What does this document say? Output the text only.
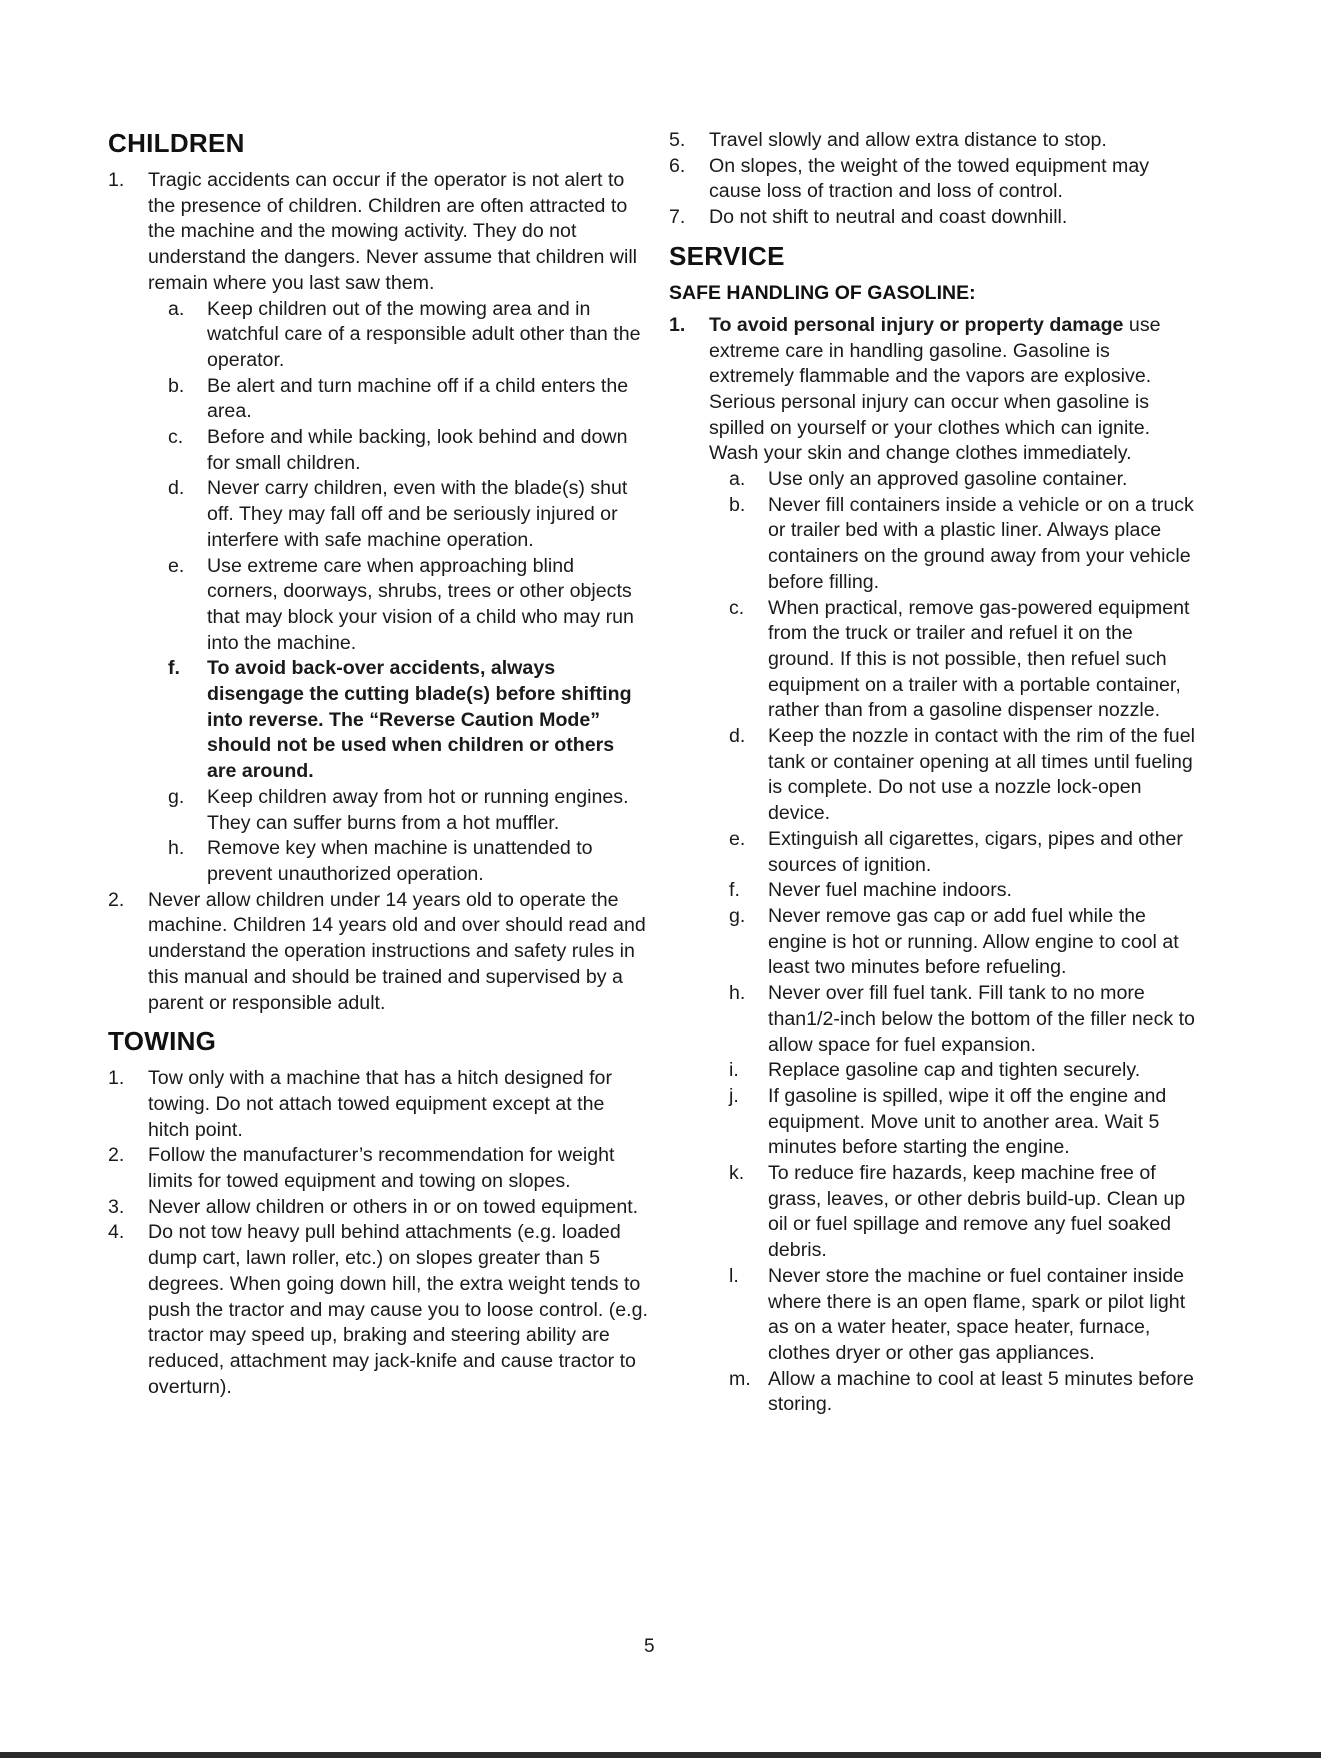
CHILDREN
1. Tragic accidents can occur if the operator is not alert to the presence of children. Children are often attracted to the machine and the mowing activity. They do not understand the dangers. Never assume that children will remain where you last saw them.
a. Keep children out of the mowing area and in watchful care of a responsible adult other than the operator.
b. Be alert and turn machine off if a child enters the area.
c. Before and while backing, look behind and down for small children.
d. Never carry children, even with the blade(s) shut off. They may fall off and be seriously injured or interfere with safe machine operation.
e. Use extreme care when approaching blind corners, doorways, shrubs, trees or other objects that may block your vision of a child who may run into the machine.
f. To avoid back-over accidents, always disengage the cutting blade(s) before shifting into reverse. The “Reverse Caution Mode” should not be used when children or others are around.
g. Keep children away from hot or running engines. They can suffer burns from a hot muffler.
h. Remove key when machine is unattended to prevent unauthorized operation.
2. Never allow children under 14 years old to operate the machine. Children 14 years old and over should read and understand the operation instructions and safety rules in this manual and should be trained and supervised by a parent or responsible adult.
TOWING
1. Tow only with a machine that has a hitch designed for towing. Do not attach towed equipment except at the hitch point.
2. Follow the manufacturer’s recommendation for weight limits for towed equipment and towing on slopes.
3. Never allow children or others in or on towed equipment.
4. Do not tow heavy pull behind attachments (e.g. loaded dump cart, lawn roller, etc.) on slopes greater than 5 degrees. When going down hill, the extra weight tends to push the tractor and may cause you to loose control. (e.g. tractor may speed up, braking and steering ability are reduced, attachment may jack-knife and cause tractor to overturn).
5. Travel slowly and allow extra distance to stop.
6. On slopes, the weight of the towed equipment may cause loss of traction and loss of control.
7. Do not shift to neutral and coast downhill.
SERVICE
SAFE HANDLING OF GASOLINE:
1. To avoid personal injury or property damage use extreme care in handling gasoline. Gasoline is extremely flammable and the vapors are explosive. Serious personal injury can occur when gasoline is spilled on yourself or your clothes which can ignite. Wash your skin and change clothes immediately.
a. Use only an approved gasoline container.
b. Never fill containers inside a vehicle or on a truck or trailer bed with a plastic liner. Always place containers on the ground away from your vehicle before filling.
c. When practical, remove gas-powered equipment from the truck or trailer and refuel it on the ground. If this is not possible, then refuel such equipment on a trailer with a portable container, rather than from a gasoline dispenser nozzle.
d. Keep the nozzle in contact with the rim of the fuel tank or container opening at all times until fueling is complete. Do not use a nozzle lock-open device.
e. Extinguish all cigarettes, cigars, pipes and other sources of ignition.
f. Never fuel machine indoors.
g. Never remove gas cap or add fuel while the engine is hot or running. Allow engine to cool at least two minutes before refueling.
h. Never over fill fuel tank. Fill tank to no more than1/2-inch below the bottom of the filler neck to allow space for fuel expansion.
i. Replace gasoline cap and tighten securely.
j. If gasoline is spilled, wipe it off the engine and equipment. Move unit to another area. Wait 5 minutes before starting the engine.
k. To reduce fire hazards, keep machine free of grass, leaves, or other debris build-up. Clean up oil or fuel spillage and remove any fuel soaked debris.
l. Never store the machine or fuel container inside where there is an open flame, spark or pilot light as on a water heater, space heater, furnace, clothes dryer or other gas appliances.
m. Allow a machine to cool at least 5 minutes before storing.
5
